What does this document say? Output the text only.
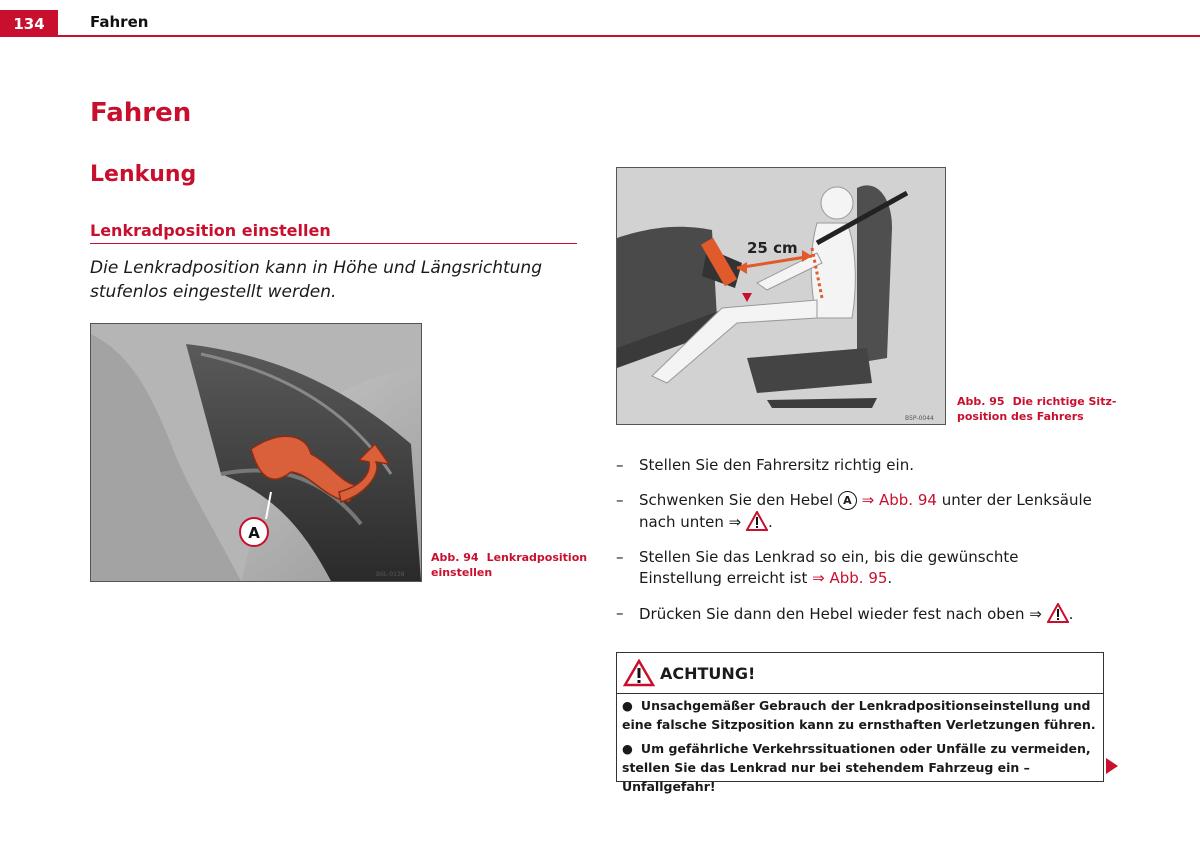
134	Fahren
Fahren
Lenkung
Lenkradposition einstellen
Die Lenkradposition kann in Höhe und Längsrichtung stufenlos eingestellt werden.
A
B6L-0138
Abb. 94 Lenkradposition einstellen
25 cm
B5P-0044
Abb. 95 Die richtige Sitz-position des Fahrers
– Stellen Sie den Fahrersitz richtig ein.
– Schwenken Sie den Hebel A ⇒ Abb. 94 unter der Lenksäule nach unten ⇒ .
– Stellen Sie das Lenkrad so ein, bis die gewünschte Einstellung erreicht ist ⇒ Abb. 95.
– Drücken Sie dann den Hebel wieder fest nach oben ⇒ .
ACHTUNG!
● Unsachgemäßer Gebrauch der Lenkradpositionseinstellung und eine falsche Sitzposition kann zu ernsthaften Verletzungen führen.
● Um gefährliche Verkehrssituationen oder Unfälle zu vermeiden, stellen Sie das Lenkrad nur bei stehendem Fahrzeug ein – Unfallgefahr!
